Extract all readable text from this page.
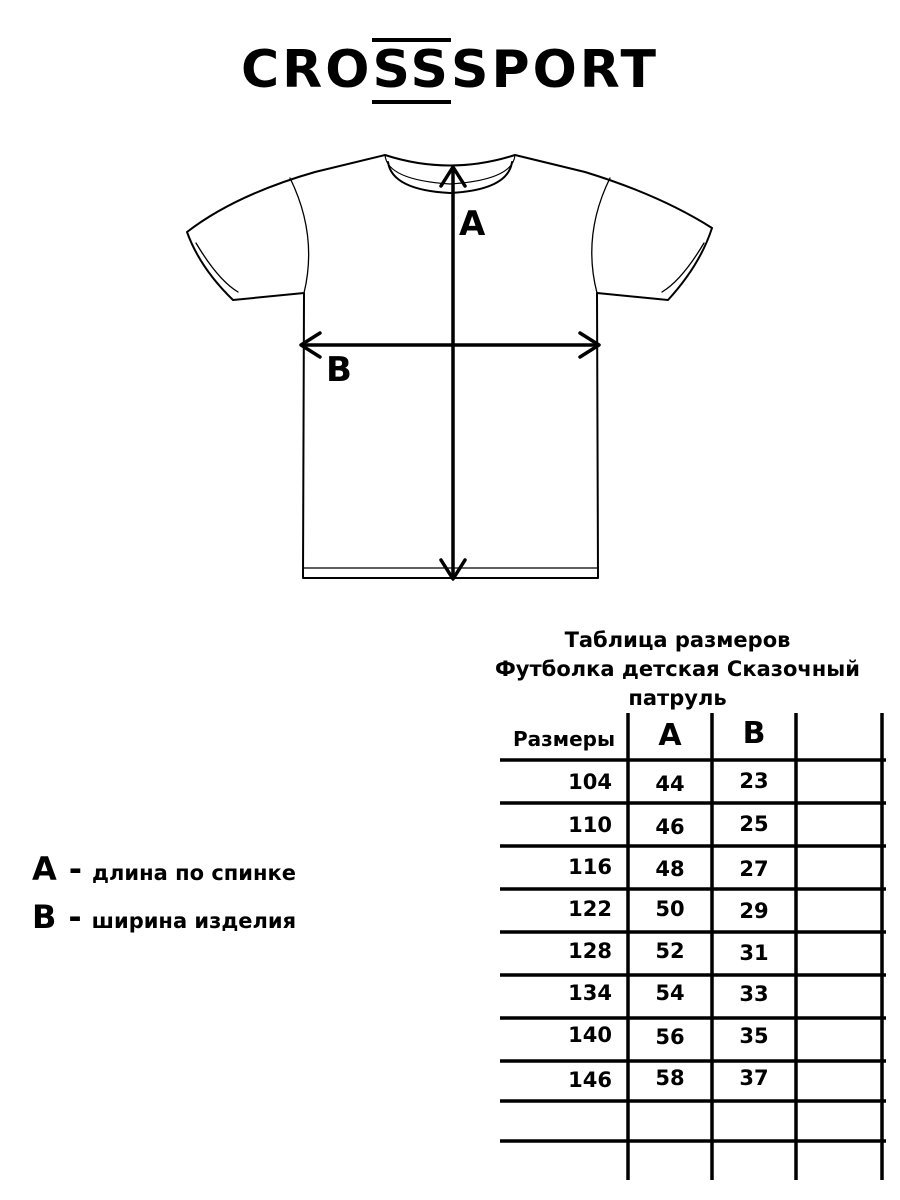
CROSSSPORT
A
B
Таблица размеров
Футболка детская Сказочный
патруль
Размеры	A	B
104	44	23
110	46	25
116	48	27
122	50	29
128	52	31
134	54	33
140	56	35
146	58	37
A - длина по спинке
B - ширина изделия
